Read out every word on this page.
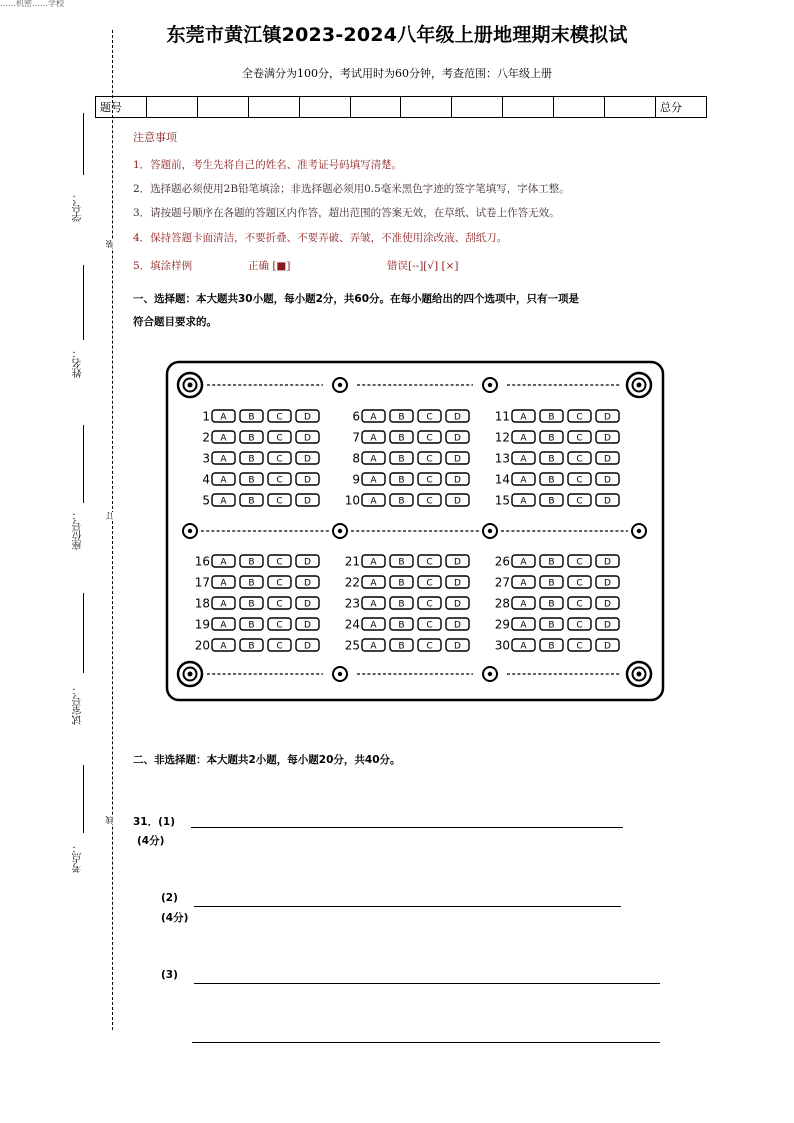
……机密……学校
东莞市黄江镇2023-2024八年级上册地理期末模拟试
全卷满分为100分，考试用时为60分钟，考查范围：八年级上册
题号											总分
学号：
姓名：
座位号：
试室号：
考点：
装
订
线
注意事项
1．答题前，考生先将自己的姓名、准考证号码填写清楚。
2．选择题必须使用2B铅笔填涂；非选择题必须用0.5毫米黑色字迹的签字笔填写，字体工整。
3．请按题号顺序在各题的答题区内作答，超出范围的答案无效，在草纸、试卷上作答无效。
4．保持答题卡面清洁，不要折叠、不要弄破、弄皱，不准使用涂改液、刮纸刀。
5．填涂样例	正确 [■]	错误[--][√] [×]
一、选择题：本大题共30小题，每小题2分，共60分。在每小题给出的四个选项中，只有一项是
符合题目要求的。
1 A B C D
2 A B C D
3 A B C D
4 A B C D
5 A B C D
6 A B C D
7 A B C D
8 A B C D
9 A B C D
10 A B C D
11 A B C D
12 A B C D
13 A B C D
14 A B C D
15 A B C D
16 A B C D
17 A B C D
18 A B C D
19 A B C D
20 A B C D
21 A B C D
22 A B C D
23 A B C D
24 A B C D
25 A B C D
26 A B C D
27 A B C D
28 A B C D
29 A B C D
30 A B C D
二、非选择题：本大题共2小题，每小题20分，共40分。
31．(1)
(4分)
(2)
(4分)
(3)
